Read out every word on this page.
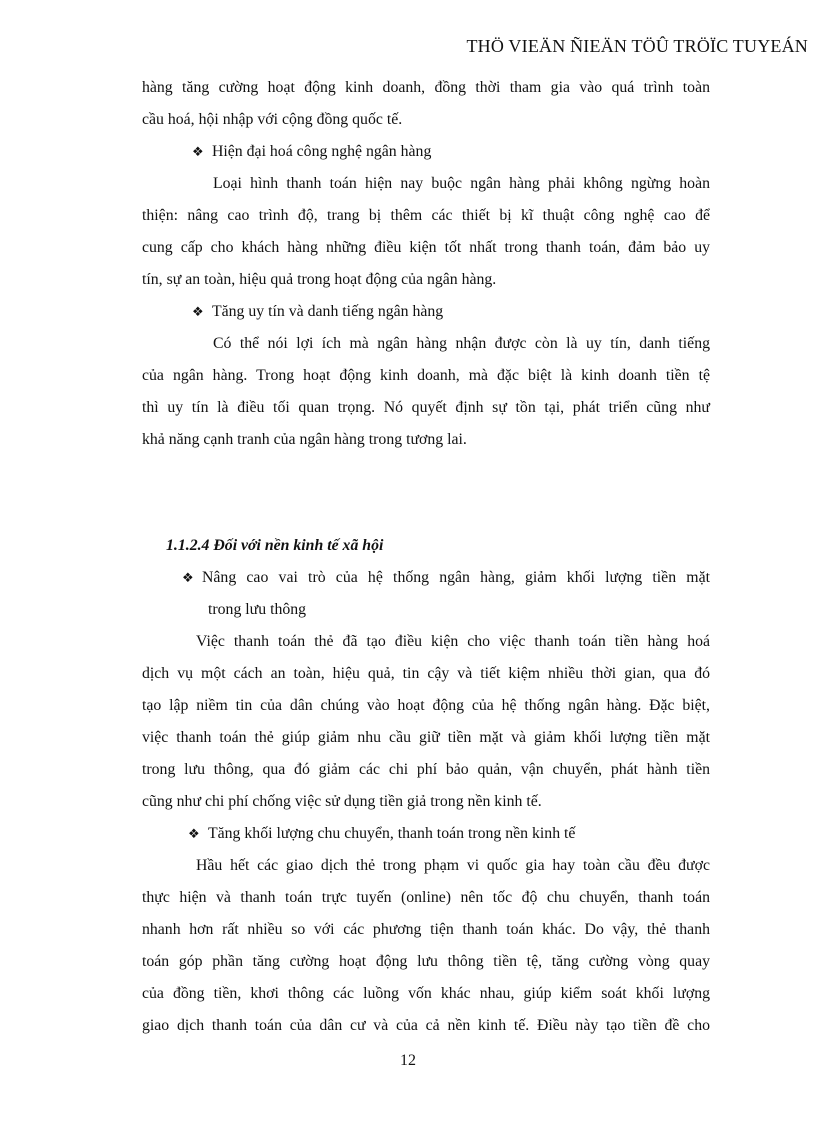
THÖ VIEÄN ÑIEÄN TÖÛ TRÖÏC TUYEÁN
hàng tăng cường hoạt động kinh doanh, đồng thời tham gia vào quá trình toàn
cầu hoá, hội nhập với cộng đồng quốc tế.
❖ Hiện đại hoá công nghệ ngân hàng
Loại hình thanh toán hiện nay buộc ngân hàng phải không ngừng hoàn
thiện: nâng cao trình độ, trang bị thêm các thiết bị kĩ thuật công nghệ cao để
cung cấp cho khách hàng những điều kiện tốt nhất trong thanh toán, đảm bảo uy
tín, sự an toàn, hiệu quả trong hoạt động của ngân hàng.
❖ Tăng uy tín và danh tiếng ngân hàng
Có thể nói lợi ích mà ngân hàng nhận được còn là uy tín, danh tiếng
của ngân hàng. Trong hoạt động kinh doanh, mà đặc biệt là kinh doanh tiền tệ
thì uy tín là điều tối quan trọng. Nó quyết định sự tồn tại, phát triển cũng như
khả năng cạnh tranh của ngân hàng trong tương lai.
1.1.2.4 Đối với nền kinh tế xã hội
❖ Nâng cao vai trò của hệ thống ngân hàng, giảm khối lượng tiền mặt
trong lưu thông
Việc thanh toán thẻ đã tạo điều kiện cho việc thanh toán tiền hàng hoá
dịch vụ một cách an toàn, hiệu quả, tin cậy và tiết kiệm nhiều thời gian, qua đó
tạo lập niềm tin của dân chúng vào hoạt động của hệ thống ngân hàng. Đặc biệt,
việc thanh toán thẻ giúp giảm nhu cầu giữ tiền mặt và giảm khối lượng tiền mặt
trong lưu thông, qua đó giảm các chi phí bảo quản, vận chuyển, phát hành tiền
cũng như chi phí chống việc sử dụng tiền giả trong nền kinh tế.
❖ Tăng khối lượng chu chuyển, thanh toán trong nền kinh tế
Hầu hết các giao dịch thẻ trong phạm vi quốc gia hay toàn cầu đều được
thực hiện và thanh toán trực tuyến (online) nên tốc độ chu chuyển, thanh toán
nhanh hơn rất nhiều so với các phương tiện thanh toán khác. Do vậy, thẻ thanh
toán góp phần tăng cường hoạt động lưu thông tiền tệ, tăng cường vòng quay
của đồng tiền, khơi thông các luồng vốn khác nhau, giúp kiểm soát khối lượng
giao dịch thanh toán của dân cư và của cả nền kinh tế. Điều này tạo tiền đề cho
12
